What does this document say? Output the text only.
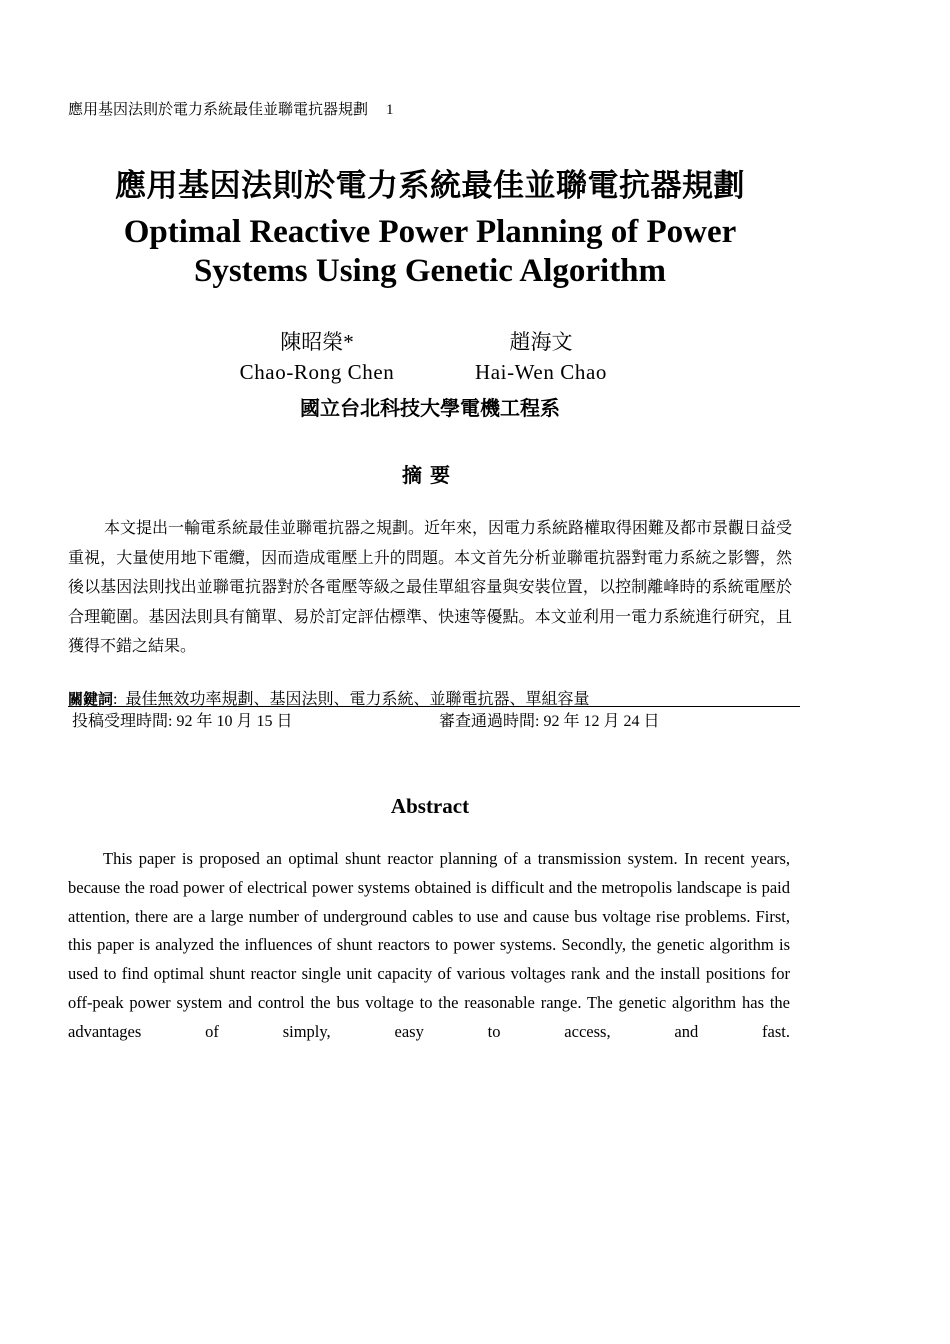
應用基因法則於電力系統最佳並聯電抗器規劃 1
應用基因法則於電力系統最佳並聯電抗器規劃
Optimal Reactive Power Planning of Power
Systems Using Genetic Algorithm
陳昭榮*
Chao-Rong Chen
趙海文
Hai-Wen Chao
國立台北科技大學電機工程系
摘要
本文提出一輸電系統最佳並聯電抗器之規劃。近年來，因電力系統路權取得困難及都市景觀日益受重視，大量使用地下電纜，因而造成電壓上升的問題。本文首先分析並聯電抗器對電力系統之影響，然後以基因法則找出並聯電抗器對於各電壓等級之最佳單組容量與安裝位置，以控制離峰時的系統電壓於合理範圍。基因法則具有簡單、易於訂定評估標準、快速等優點。本文並利用一電力系統進行研究，且獲得不錯之結果。
關鍵詞: 最佳無效功率規劃、基因法則、電力系統、並聯電抗器、單組容量
投稿受理時間: 92 年 10 月 15 日	審查通過時間: 92 年 12 月 24 日
Abstract
This paper is proposed an optimal shunt reactor planning of a transmission system. In recent years, because the road power of electrical power systems obtained is difficult and the metropolis landscape is paid attention, there are a large number of underground cables to use and cause bus voltage rise problems. First, this paper is analyzed the influences of shunt reactors to power systems. Secondly, the genetic algorithm is used to find optimal shunt reactor single unit capacity of various voltages rank and the install positions for off-peak power system and control the bus voltage to the reasonable range. The genetic algorithm has the advantages of simply, easy to access, and fast.
